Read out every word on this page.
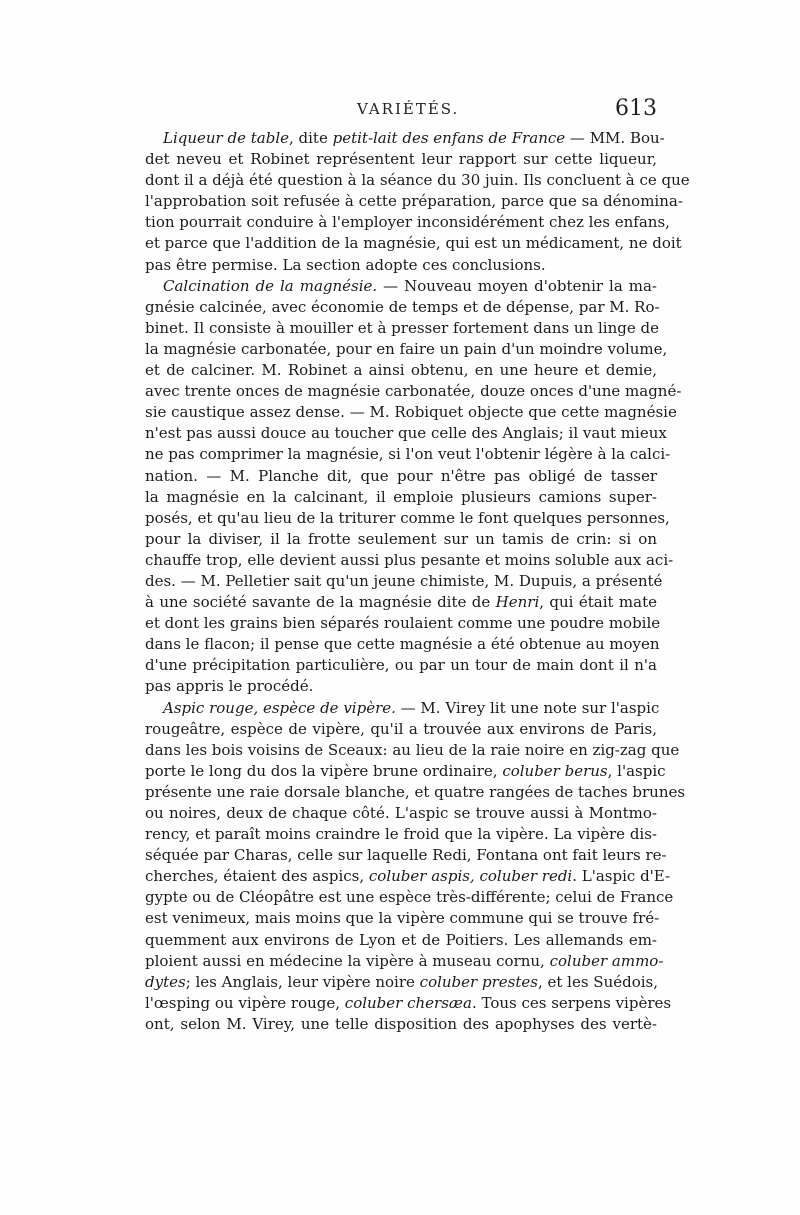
VARIÉTÉS.	613
Liqueur de table, dite petit-lait des enfans de France — MM. Bou-
det neveu et Robinet représentent leur rapport sur cette liqueur,
dont il a déjà été question à la séance du 30 juin. Ils concluent à ce que
l'approbation soit refusée à cette préparation, parce que sa dénomina-
tion pourrait conduire à l'employer inconsidérément chez les enfans,
et parce que l'addition de la magnésie, qui est un médicament, ne doit
pas être permise. La section adopte ces conclusions.
Calcination de la magnésie. — Nouveau moyen d'obtenir la ma-
gnésie calcinée, avec économie de temps et de dépense, par M. Ro-
binet. Il consiste à mouiller et à presser fortement dans un linge de
la magnésie carbonatée, pour en faire un pain d'un moindre volume,
et de calciner. M. Robinet a ainsi obtenu, en une heure et demie,
avec trente onces de magnésie carbonatée, douze onces d'une magné-
sie caustique assez dense. — M. Robiquet objecte que cette magnésie
n'est pas aussi douce au toucher que celle des Anglais; il vaut mieux
ne pas comprimer la magnésie, si l'on veut l'obtenir légère à la calci-
nation. — M. Planche dit, que pour n'être pas obligé de tasser
la magnésie en la calcinant, il emploie plusieurs camions super-
posés, et qu'au lieu de la triturer comme le font quelques personnes,
pour la diviser, il la frotte seulement sur un tamis de crin: si on
chauffe trop, elle devient aussi plus pesante et moins soluble aux aci-
des. — M. Pelletier sait qu'un jeune chimiste, M. Dupuis, a présenté
à une société savante de la magnésie dite de Henri, qui était mate
et dont les grains bien séparés roulaient comme une poudre mobile
dans le flacon; il pense que cette magnésie a été obtenue au moyen
d'une précipitation particulière, ou par un tour de main dont il n'a
pas appris le procédé.
Aspic rouge, espèce de vipère. — M. Virey lit une note sur l'aspic
rougeâtre, espèce de vipère, qu'il a trouvée aux environs de Paris,
dans les bois voisins de Sceaux: au lieu de la raie noire en zig-zag que
porte le long du dos la vipère brune ordinaire, coluber berus, l'aspic
présente une raie dorsale blanche, et quatre rangées de taches brunes
ou noires, deux de chaque côté. L'aspic se trouve aussi à Montmo-
rency, et paraît moins craindre le froid que la vipère. La vipère dis-
séquée par Charas, celle sur laquelle Redi, Fontana ont fait leurs re-
cherches, étaient des aspics, coluber aspis, coluber redi. L'aspic d'E-
gypte ou de Cléopâtre est une espèce très-différente; celui de France
est venimeux, mais moins que la vipère commune qui se trouve fré-
quemment aux environs de Lyon et de Poitiers. Les allemands em-
ploient aussi en médecine la vipère à museau cornu, coluber ammo-
dytes; les Anglais, leur vipère noire coluber prestes, et les Suédois,
l'œsping ou vipère rouge, coluber chersæa. Tous ces serpens vipères
ont, selon M. Virey, une telle disposition des apophyses des vertè-
